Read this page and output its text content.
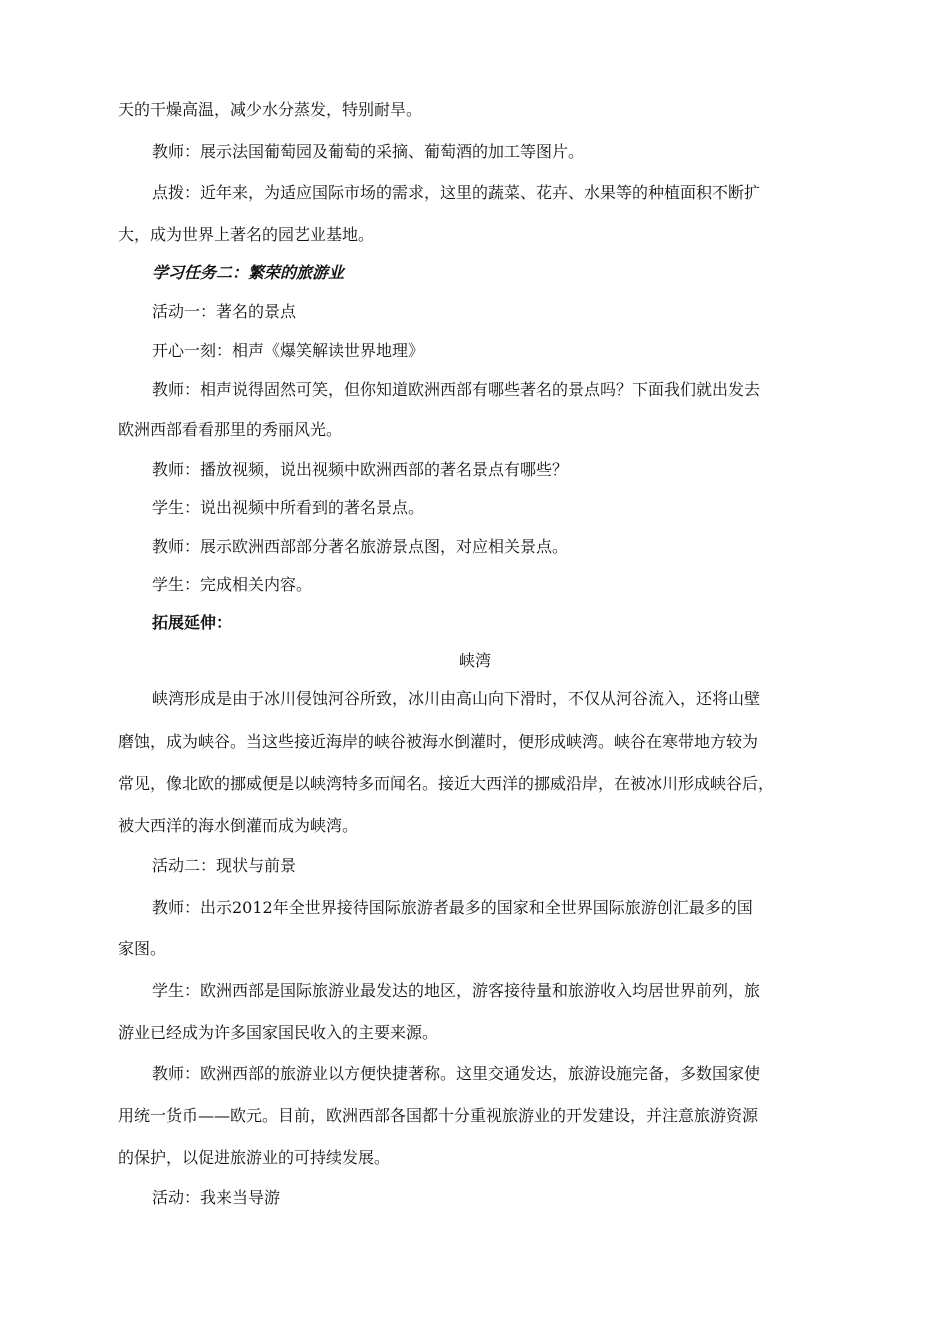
天的干燥高温，减少水分蒸发，特别耐旱。
教师：展示法国葡萄园及葡萄的采摘、葡萄酒的加工等图片。
点拨：近年来，为适应国际市场的需求，这里的蔬菜、花卉、水果等的种植面积不断扩
大，成为世界上著名的园艺业基地。
学习任务二：繁荣的旅游业
活动一：著名的景点
开心一刻：相声《爆笑解读世界地理》
教师：相声说得固然可笑，但你知道欧洲西部有哪些著名的景点吗？下面我们就出发去
欧洲西部看看那里的秀丽风光。
教师：播放视频，说出视频中欧洲西部的著名景点有哪些？
学生：说出视频中所看到的著名景点。
教师：展示欧洲西部部分著名旅游景点图，对应相关景点。
学生：完成相关内容。
拓展延伸：
峡湾
峡湾形成是由于冰川侵蚀河谷所致，冰川由高山向下滑时，不仅从河谷流入，还将山壁
磨蚀，成为峡谷。当这些接近海岸的峡谷被海水倒灌时，便形成峡湾。峡谷在寒带地方较为
常见，像北欧的挪威便是以峡湾特多而闻名。接近大西洋的挪威沿岸，在被冰川形成峡谷后，
被大西洋的海水倒灌而成为峡湾。
活动二：现状与前景
教师：出示2012年全世界接待国际旅游者最多的国家和全世界国际旅游创汇最多的国
家图。
学生：欧洲西部是国际旅游业最发达的地区，游客接待量和旅游收入均居世界前列，旅
游业已经成为许多国家国民收入的主要来源。
教师：欧洲西部的旅游业以方便快捷著称。这里交通发达，旅游设施完备，多数国家使
用统一货币——欧元。目前，欧洲西部各国都十分重视旅游业的开发建设，并注意旅游资源
的保护，以促进旅游业的可持续发展。
活动：我来当导游
